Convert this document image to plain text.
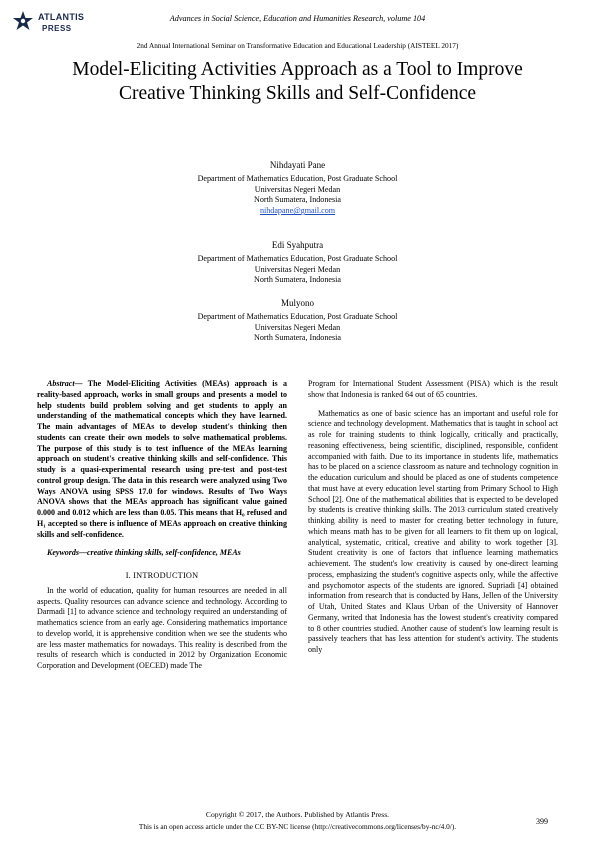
ATLANTIS
PRESS
Advances in Social Science, Education and Humanities Research, volume 104
2nd Annual International Seminar on Transformative Education and Educational Leadership (AISTEEL 2017)
Model-Eliciting Activities Approach as a Tool to Improve Creative Thinking Skills and Self-Confidence
Nihdayati Pane
Department of Mathematics Education, Post Graduate School
Universitas Negeri Medan
North Sumatera, Indonesia
nihdapane@gmail.com
Edi Syahputra
Department of Mathematics Education, Post Graduate School
Universitas Negeri Medan
North Sumatera, Indonesia
Mulyono
Department of Mathematics Education, Post Graduate School
Universitas Negeri Medan
North Sumatera, Indonesia

Abstract— The Model-Eliciting Activities (MEAs) approach is a reality-based approach, works in small groups and presents a model to help students build problem solving and get students to apply an understanding of the mathematical concepts which they have learned. The main advantages of MEAs to develop student's thinking then students can create their own models to solve mathematical problems. The purpose of this study is to test influence of the MEAs learning approach on student's creative thinking skills and self-confidence. This study is a quasi-experimental research using pre-test and post-test control group design. The data in this research were analyzed using Two Ways ANOVA using SPSS 17.0 for windows. Results of Two Ways ANOVA shows that the MEAs approach has significant value gained 0.000 and 0.012 which are less than 0.05. This means that H₀ refused and H₁ accepted so there is influence of MEAs approach on creative thinking skills and self-confidence.

Keywords—creative thinking skills, self-confidence, MEAs

I. INTRODUCTION

In the world of education, quality for human resources are needed in all aspects. Quality resources can advance science and technology. According to Darmadi [1] to advance science and technology required an understanding of mathematics science from an early age. Considering mathematics importance to develop world, it is apprehensive condition when we see the students who are less master mathematics for nowadays. This reality is described from the results of research which is conducted in 2012 by Organization Economic Corporation and Development (OECED) made The

Program for International Student Assessment (PISA) which is the result show that Indonesia is ranked 64 out of 65 countries.

Mathematics as one of basic science has an important and useful role for science and technology development. Mathematics that is taught in school act as role for training students to think logically, critically and practically, reasoning effectiveness, being scientific, disciplined, responsible, confident accompanied with faith. Due to its importance in students life, mathematics has to be placed on a science classroom as nature and technology cognition in the education curiculum and should be placed as one of students competence that must have at every education level starting from Primary School to High School [2]. One of the mathematical abilities that is expected to be developed by students is creative thinking skills. The 2013 curriculum stated creatively thinking ability is need to master for creating better technology in future, which means math has to be given for all learners to fit them up on logical, analytical, systematic, critical, creative and ability to work together [3]. Student creativity is one of factors that influence learning mathematics achievement. The student's low creativity is caused by one-direct learning process, emphasizing the student's cognitive aspects only, while the affective and psychomotor aspects of the students are ignored. Supriadi [4] obtained information from research that is conducted by Hans, Jellen of the University of Utah, United States and Klaus Urban of the University of Hannover Germany, writed that Indonesia has the lowest student's creativity compared to 8 other countries studied. Another cause of student's low learning result is passively teachers that has less attention for student's activity. The students only

Copyright © 2017, the Authors. Published by Atlantis Press.
This is an open access article under the CC BY-NC license (http://creativecommons.org/licenses/by-nc/4.0/).
399
